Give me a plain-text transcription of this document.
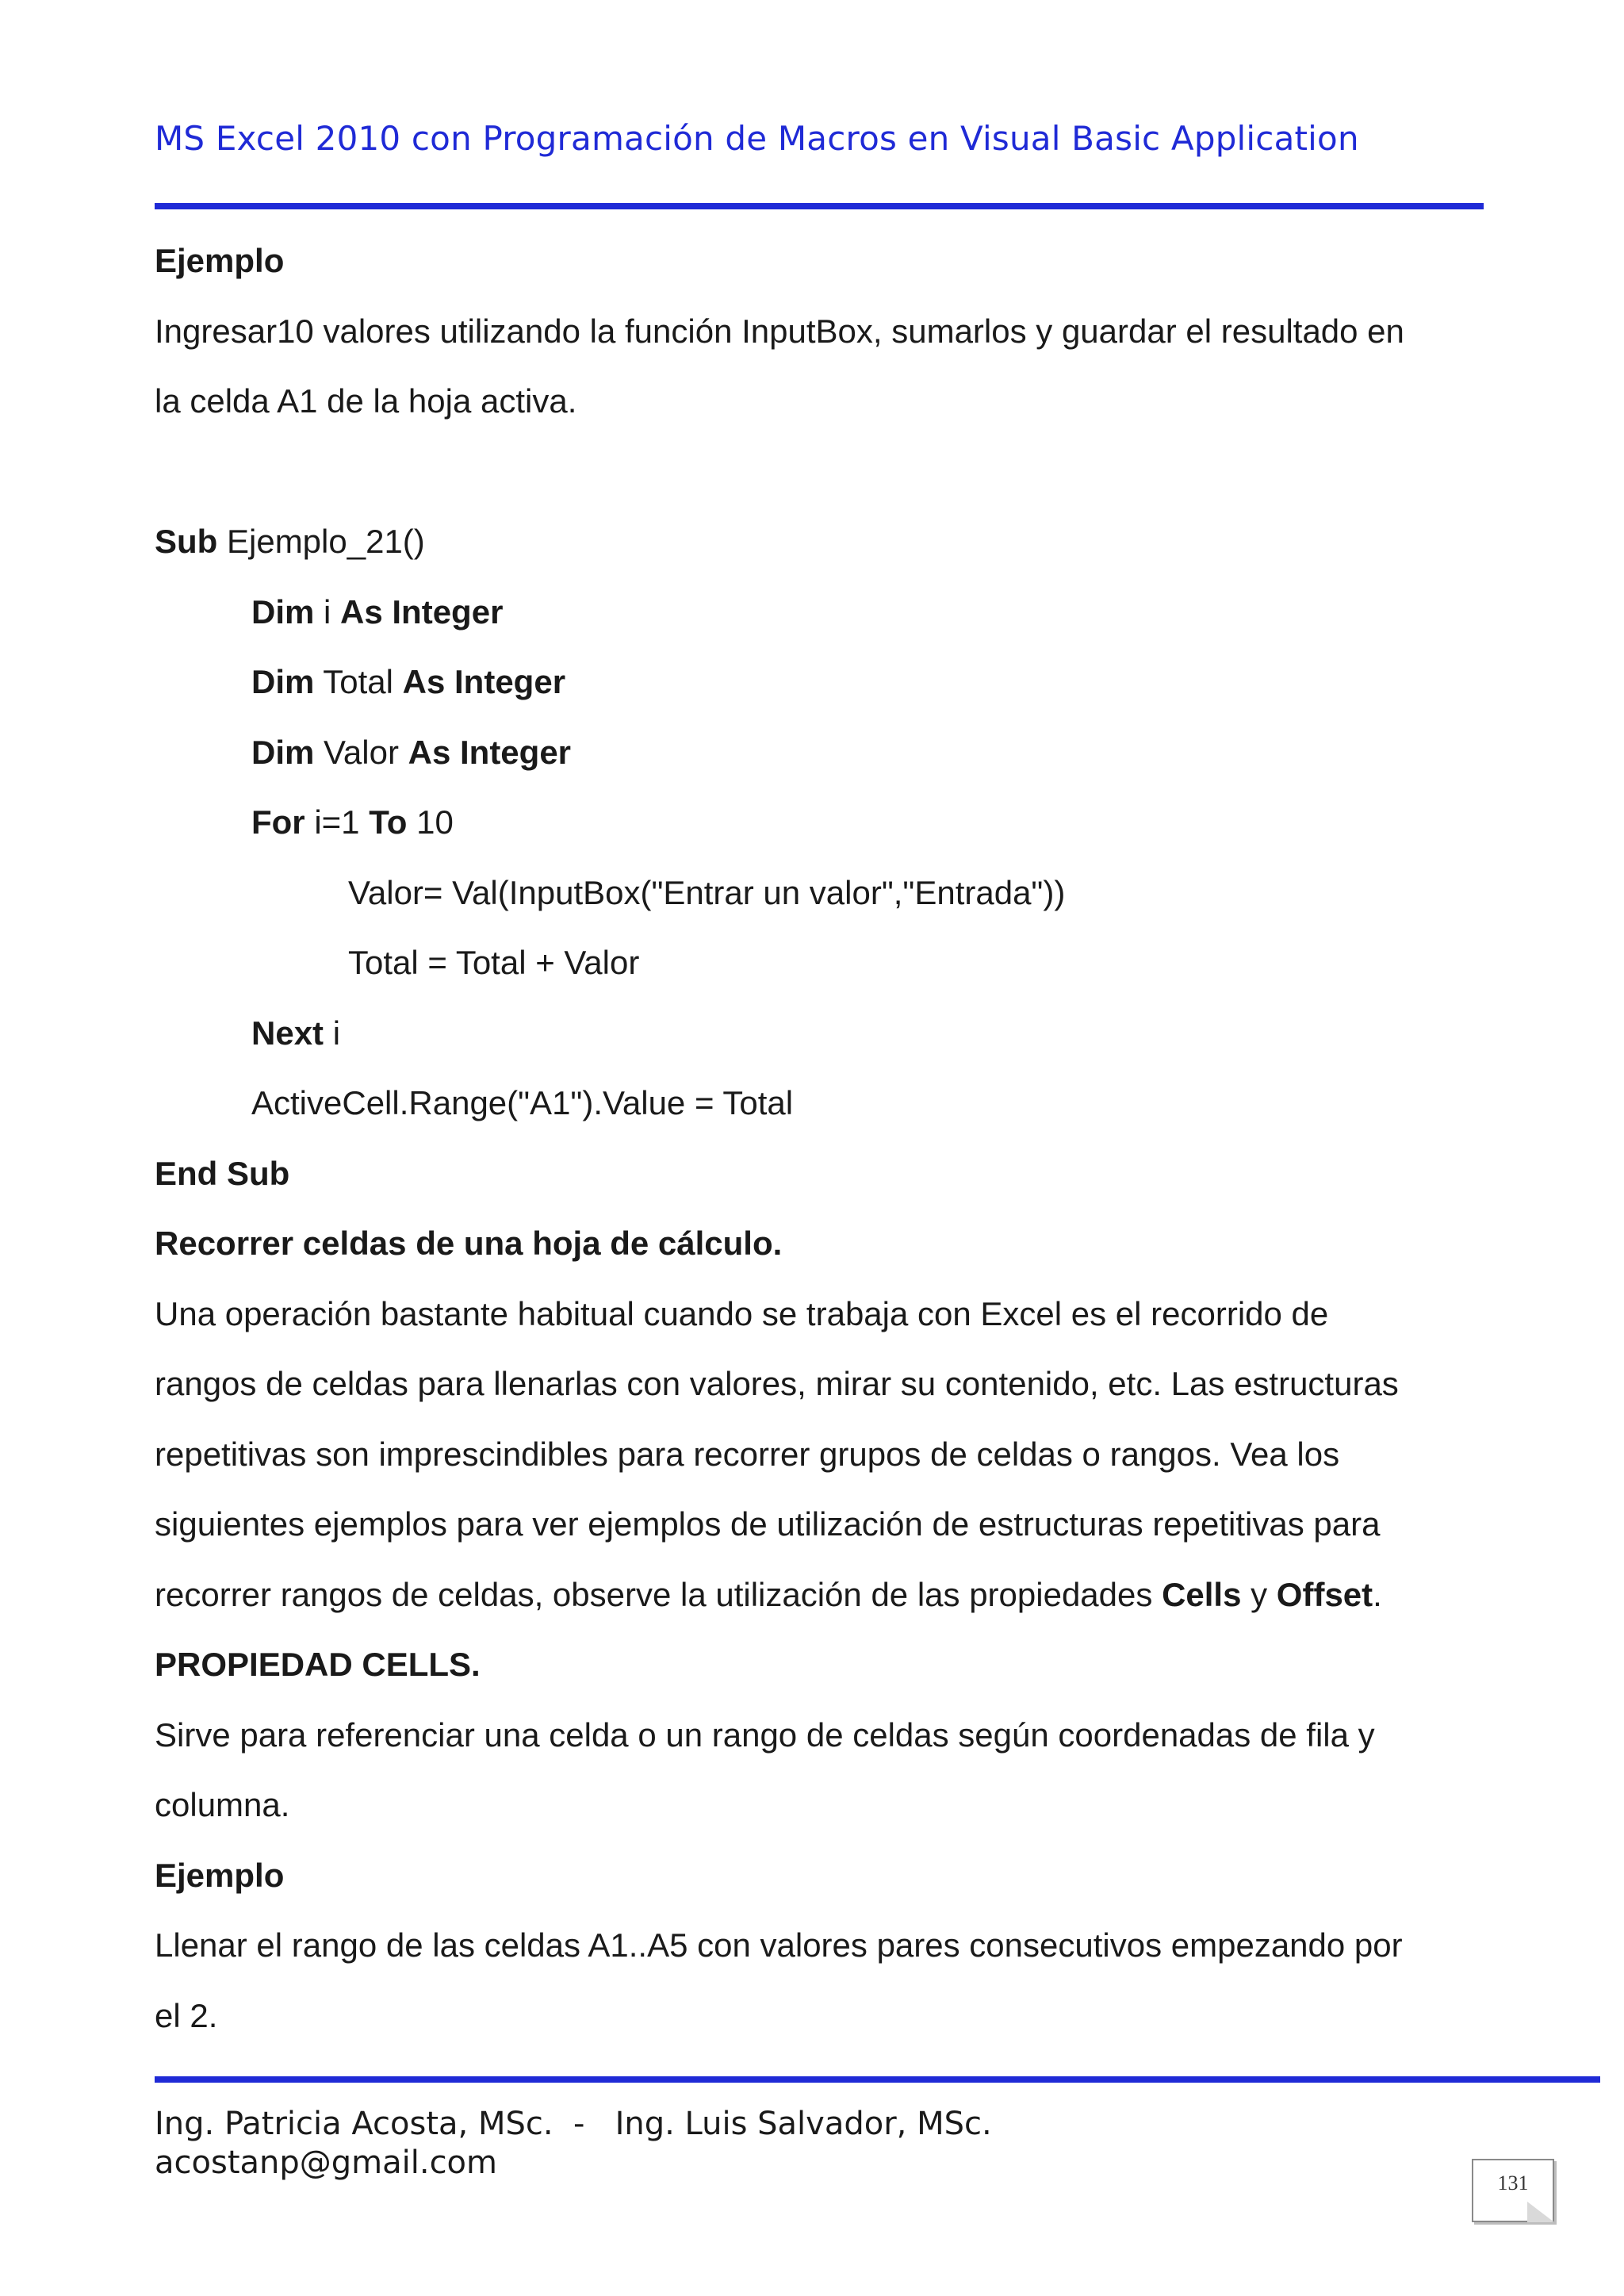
MS Excel 2010 con Programación de Macros en Visual Basic Application

Ejemplo

Ingresar10 valores utilizando la función InputBox, sumarlos y guardar el resultado en

la celda A1 de la hoja activa.

Sub Ejemplo_21()

Dim i As Integer

Dim Total As Integer

Dim Valor As Integer

For i=1 To 10

Valor= Val(InputBox("Entrar un valor","Entrada"))

Total = Total + Valor

Next i

ActiveCell.Range("A1").Value = Total

End Sub

Recorrer celdas de una hoja de cálculo.

Una operación bastante habitual cuando se trabaja con Excel es el recorrido de

rangos de celdas para llenarlas con valores, mirar su contenido, etc. Las estructuras

repetitivas son imprescindibles para recorrer grupos de celdas o rangos. Vea los

siguientes ejemplos para ver ejemplos de utilización de estructuras repetitivas para

recorrer rangos de celdas, observe la utilización de las propiedades Cells y Offset.

PROPIEDAD CELLS.

Sirve para referenciar una celda o un rango de celdas según coordenadas de fila y

columna.

Ejemplo

Llenar el rango de las celdas A1..A5 con valores pares consecutivos empezando por

el 2.

Ing. Patricia Acosta, MSc.  -   Ing. Luis Salvador, MSc.
acostanp@gmail.com
131
